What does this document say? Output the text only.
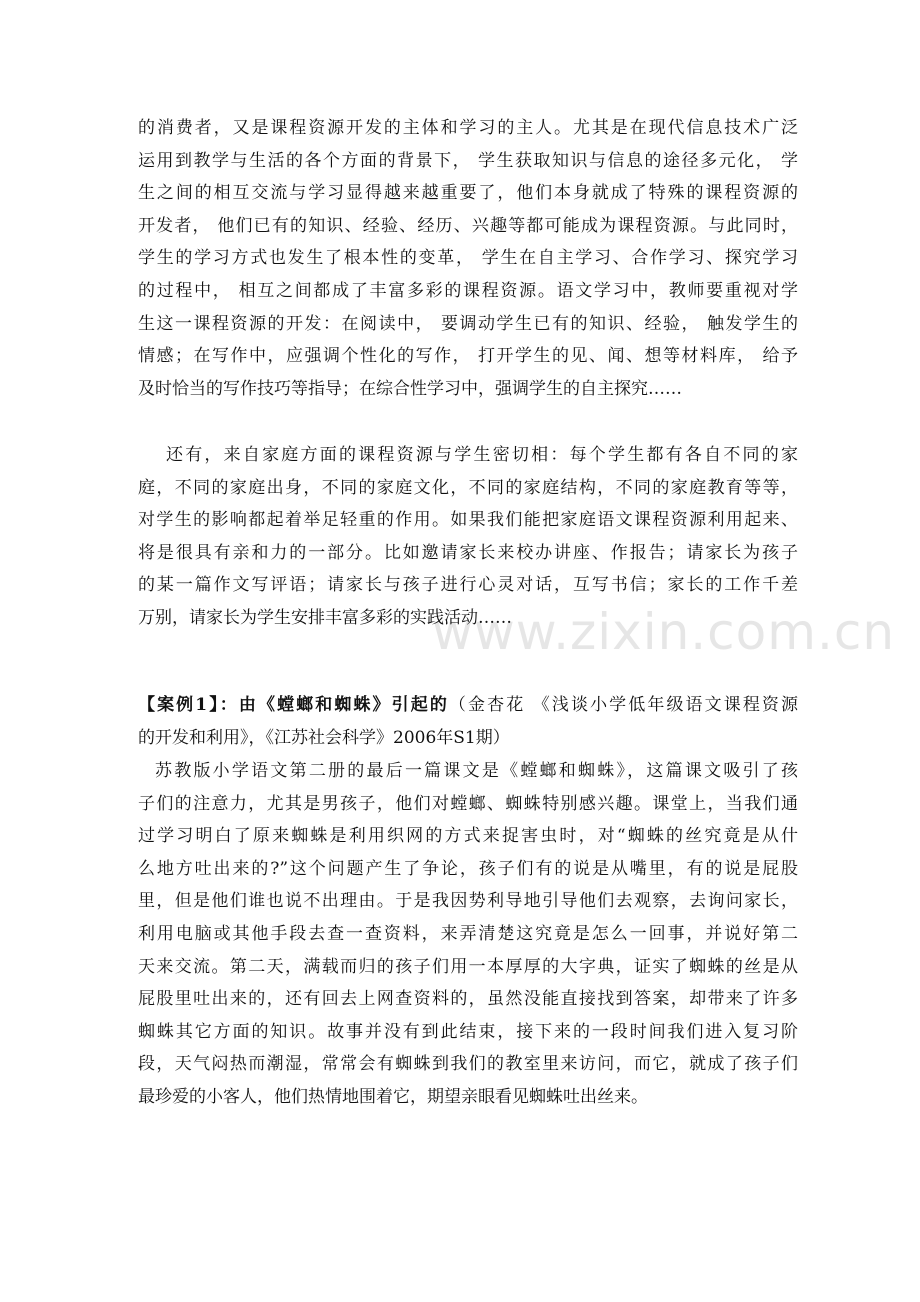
www.zixin.com.cn
的消费者，又是课程资源开发的主体和学习的主人。尤其是在现代信息技术广泛
运用到教学与生活的各个方面的背景下， 学生获取知识与信息的途径多元化， 学
生之间的相互交流与学习显得越来越重要了，他们本身就成了特殊的课程资源的
开发者， 他们已有的知识、经验、经历、兴趣等都可能成为课程资源。与此同时，
学生的学习方式也发生了根本性的变革， 学生在自主学习、合作学习、探究学习
的过程中， 相互之间都成了丰富多彩的课程资源。语文学习中，教师要重视对学
生这一课程资源的开发：在阅读中， 要调动学生已有的知识、经验， 触发学生的
情感；在写作中，应强调个性化的写作， 打开学生的见、闻、想等材料库， 给予
及时恰当的写作技巧等指导；在综合性学习中，强调学生的自主探究……
还有，来自家庭方面的课程资源与学生密切相：每个学生都有各自不同的家
庭，不同的家庭出身，不同的家庭文化，不同的家庭结构，不同的家庭教育等等，
对学生的影响都起着举足轻重的作用。如果我们能把家庭语文课程资源利用起来、
将是很具有亲和力的一部分。比如邀请家长来校办讲座、作报告；请家长为孩子
的某一篇作文写评语；请家长与孩子进行心灵对话，互写书信；家长的工作千差
万别，请家长为学生安排丰富多彩的实践活动……
【案例1】：由《螳螂和蜘蛛》引起的（金杏花 《浅谈小学低年级语文课程资源
的开发和利用》，《江苏社会科学》2006年S1期）
苏教版小学语文第二册的最后一篇课文是《螳螂和蜘蛛》，这篇课文吸引了孩
子们的注意力，尤其是男孩子，他们对螳螂、蜘蛛特别感兴趣。课堂上，当我们通
过学习明白了原来蜘蛛是利用织网的方式来捉害虫时，对“蜘蛛的丝究竟是从什
么地方吐出来的?”这个问题产生了争论，孩子们有的说是从嘴里，有的说是屁股
里，但是他们谁也说不出理由。于是我因势利导地引导他们去观察，去询问家长，
利用电脑或其他手段去查一查资料，来弄清楚这究竟是怎么一回事，并说好第二
天来交流。第二天，满载而归的孩子们用一本厚厚的大字典，证实了蜘蛛的丝是从
屁股里吐出来的，还有回去上网查资料的，虽然没能直接找到答案，却带来了许多
蜘蛛其它方面的知识。故事并没有到此结束，接下来的一段时间我们进入复习阶
段，天气闷热而潮湿，常常会有蜘蛛到我们的教室里来访问，而它，就成了孩子们
最珍爱的小客人，他们热情地围着它，期望亲眼看见蜘蛛吐出丝来。
